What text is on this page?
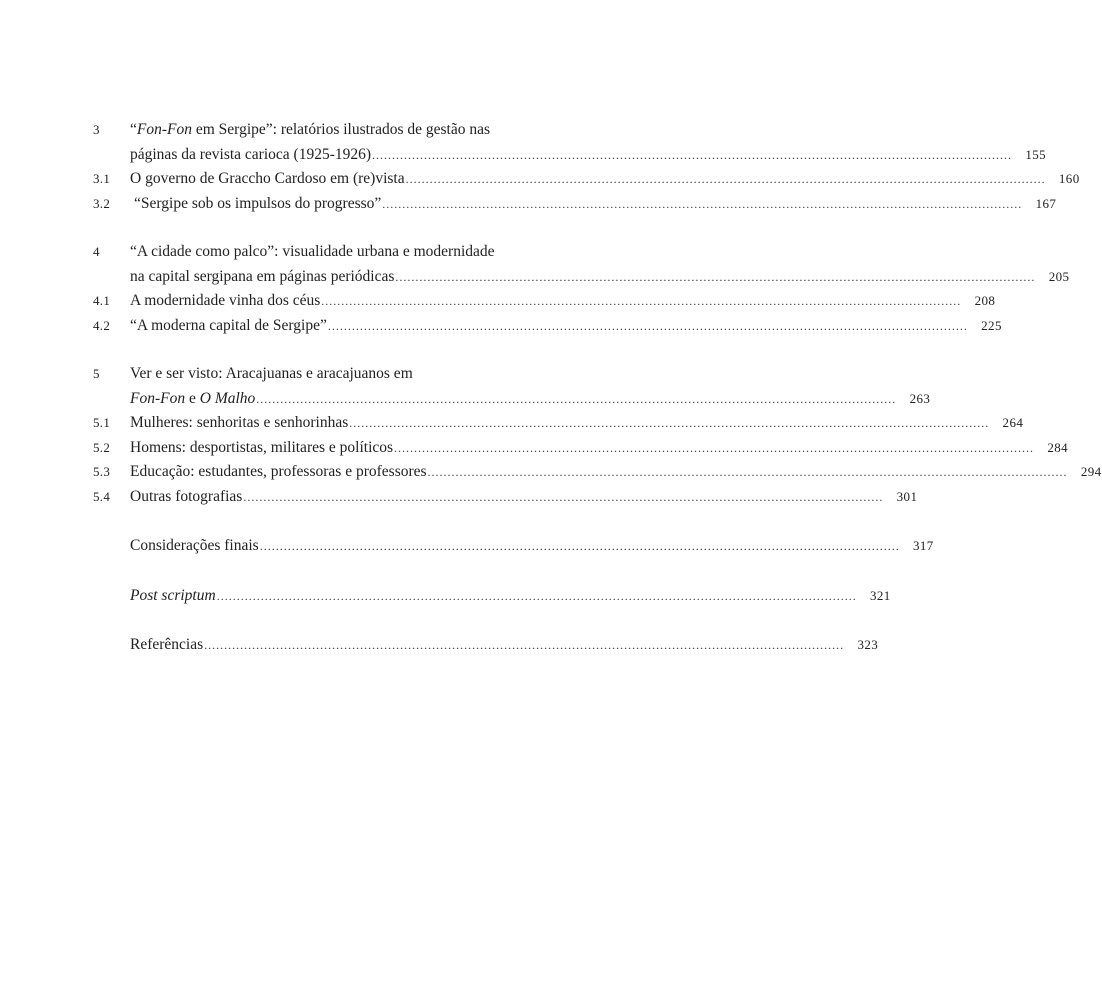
3	“Fon-Fon em Sergipe”: relatórios ilustrados de gestão nas
páginas da revista carioca (1925-1926) .....	155
3.1	O governo de Graccho Cardoso em (re)vista .....	160
3.2	“Sergipe sob os impulsos do progresso” .....	167
4	“A cidade como palco”: visualidade urbana e modernidade
na capital sergipana em páginas periódicas .....	205
4.1	A modernidade vinha dos céus .....	208
4.2	“A moderna capital de Sergipe” .....	225
5	Ver e ser visto: Aracajuanas e aracajuanos em
Fon-Fon e O Malho .....	263
5.1	Mulheres: senhoritas e senhorinhas .....	264
5.2	Homens: desportistas, militares e políticos .....	284
5.3	Educação: estudantes, professoras e professores .....	294
5.4	Outras fotografias .....	301
Considerações finais .....	317
Post scriptum .....	321
Referências .....	323
